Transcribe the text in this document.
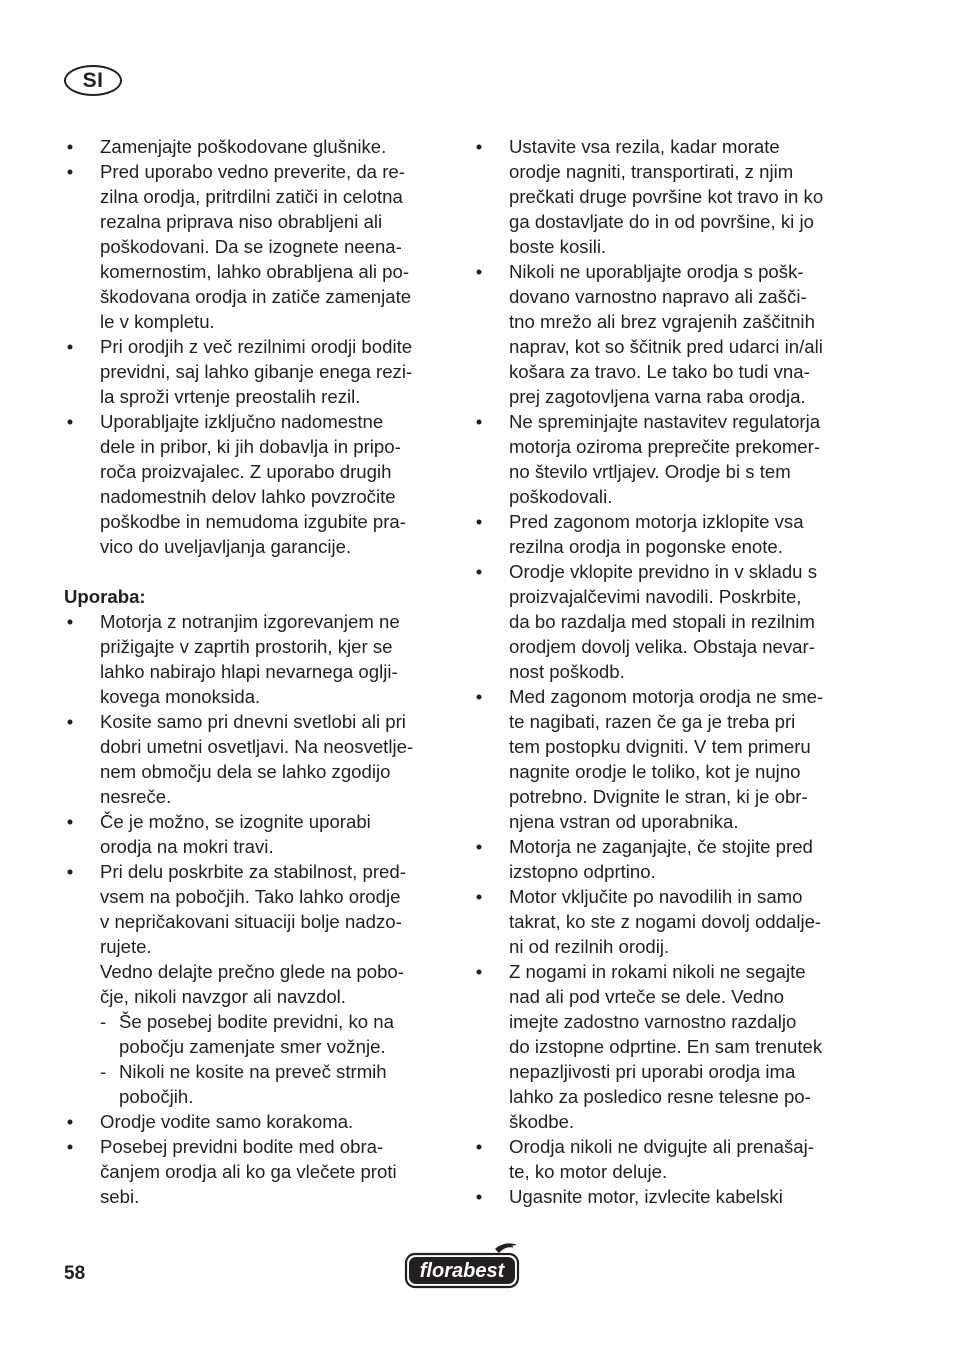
SI
• Zamenjajte poškodovane glušnike.
• Pred uporabo vedno preverite, da re-
zilna orodja, pritrdilni zatiči in celotna
rezalna priprava niso obrabljeni ali
poškodovani. Da se izognete neena-
komernostim, lahko obrabljena ali po-
škodovana orodja in zatiče zamenjate
le v kompletu.
• Pri orodjih z več rezilnimi orodji bodite
previdni, saj lahko gibanje enega rezi-
la sproži vrtenje preostalih rezil.
• Uporabljajte izključno nadomestne
dele in pribor, ki jih dobavlja in pripo-
roča proizvajalec. Z uporabo drugih
nadomestnih delov lahko povzročite
poškodbe in nemudoma izgubite pra-
vico do uveljavljanja garancije.
Uporaba:
• Motorja z notranjim izgorevanjem ne
prižigajte v zaprtih prostorih, kjer se
lahko nabirajo hlapi nevarnega oglji-
kovega monoksida.
• Kosite samo pri dnevni svetlobi ali pri
dobri umetni osvetljavi. Na neosvetlje-
nem območju dela se lahko zgodijo
nesreče.
• Če je možno, se izognite uporabi
orodja na mokri travi.
• Pri delu poskrbite za stabilnost, pred-
vsem na pobočjih. Tako lahko orodje
v nepričakovani situaciji bolje nadzo-
rujete.
Vedno delajte prečno glede na pobo-
čje, nikoli navzgor ali navzdol.
- Še posebej bodite previdni, ko na
pobočju zamenjate smer vožnje.
- Nikoli ne kosite na preveč strmih
pobočjih.
• Orodje vodite samo korakoma.
• Posebej previdni bodite med obra-
čanjem orodja ali ko ga vlečete proti
sebi.
• Ustavite vsa rezila, kadar morate
orodje nagniti, transportirati, z njim
prečkati druge površine kot travo in ko
ga dostavljate do in od površine, ki jo
boste kosili.
• Nikoli ne uporabljajte orodja s pošk-
dovano varnostno napravo ali zašči-
tno mrežo ali brez vgrajenih zaščitnih
naprav, kot so ščitnik pred udarci in/ali
košara za travo. Le tako bo tudi vna-
prej zagotovljena varna raba orodja.
• Ne spreminjajte nastavitev regulatorja
motorja oziroma preprečite prekomer-
no število vrtljajev. Orodje bi s tem
poškodovali.
• Pred zagonom motorja izklopite vsa
rezilna orodja in pogonske enote.
• Orodje vklopite previdno in v skladu s
proizvajalčevimi navodili. Poskrbite,
da bo razdalja med stopali in rezilnim
orodjem dovolj velika. Obstaja nevar-
nost poškodb.
• Med zagonom motorja orodja ne sme-
te nagibati, razen če ga je treba pri
tem postopku dvigniti. V tem primeru
nagnite orodje le toliko, kot je nujno
potrebno. Dvignite le stran, ki je obr-
njena vstran od uporabnika.
• Motorja ne zaganjajte, če stojite pred
izstopno odprtino.
• Motor vključite po navodilih in samo
takrat, ko ste z nogami dovolj oddalje-
ni od rezilnih orodij.
• Z nogami in rokami nikoli ne segajte
nad ali pod vrteče se dele. Vedno
imejte zadostno varnostno razdaljo
do izstopne odprtine. En sam trenutek
nepazljivosti pri uporabi orodja ima
lahko za posledico resne telesne po-
škodbe.
• Orodja nikoli ne dvigujte ali prenašaj-
te, ko motor deluje.
• Ugasnite motor, izvlecite kabelski
58	florabest
